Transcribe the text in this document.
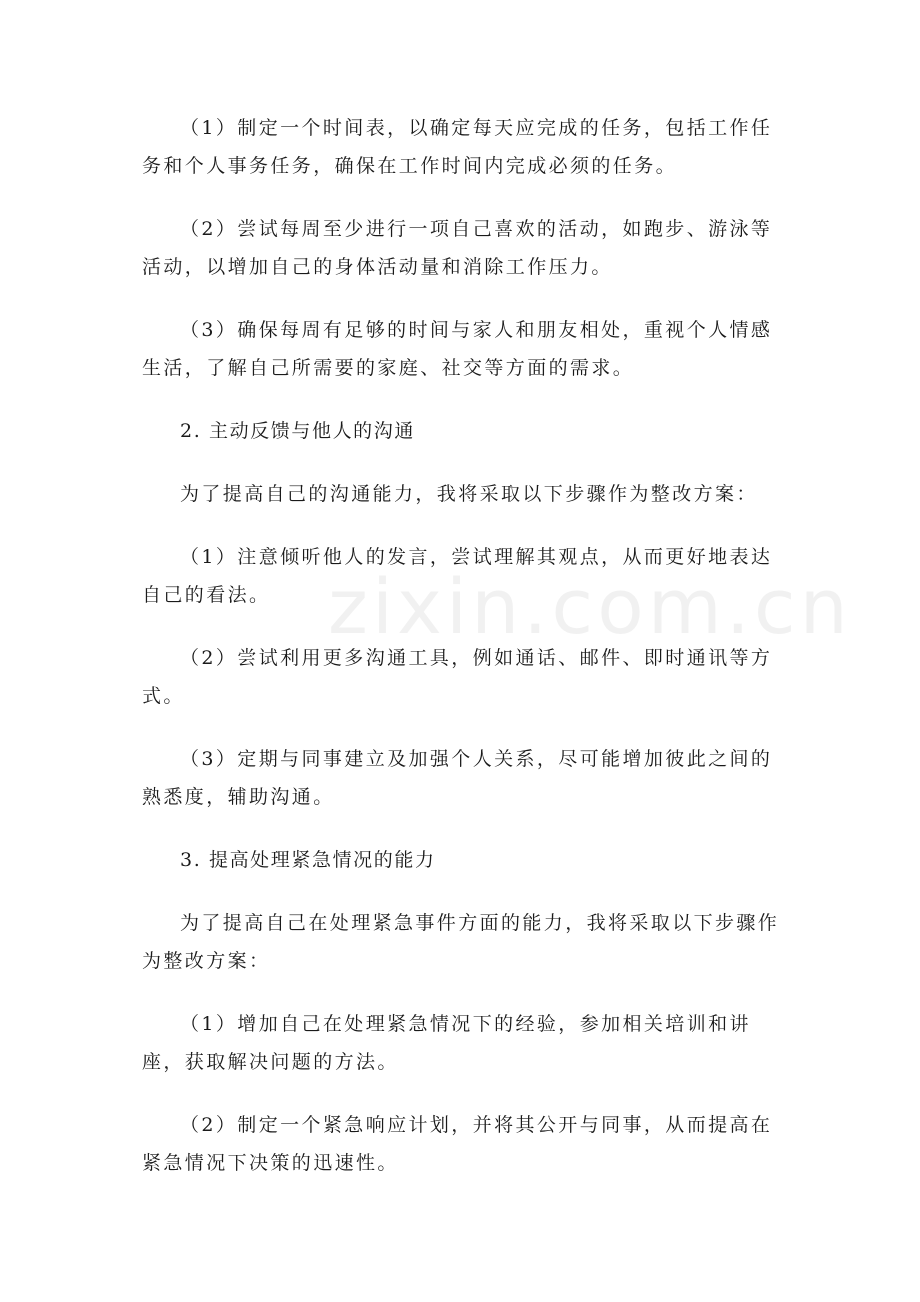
（1）制定一个时间表，以确定每天应完成的任务，包括工作任务和个人事务任务，确保在工作时间内完成必须的任务。

（2）尝试每周至少进行一项自己喜欢的活动，如跑步、游泳等活动，以增加自己的身体活动量和消除工作压力。

（3）确保每周有足够的时间与家人和朋友相处，重视个人情感生活，了解自己所需要的家庭、社交等方面的需求。

2. 主动反馈与他人的沟通

为了提高自己的沟通能力，我将采取以下步骤作为整改方案：

（1）注意倾听他人的发言，尝试理解其观点，从而更好地表达自己的看法。

（2）尝试利用更多沟通工具，例如通话、邮件、即时通讯等方式。

（3）定期与同事建立及加强个人关系，尽可能增加彼此之间的熟悉度，辅助沟通。

3. 提高处理紧急情况的能力

为了提高自己在处理紧急事件方面的能力，我将采取以下步骤作为整改方案：

（1）增加自己在处理紧急情况下的经验，参加相关培训和讲座，获取解决问题的方法。

（2）制定一个紧急响应计划，并将其公开与同事，从而提高在紧急情况下决策的迅速性。

zixin.com.cn
